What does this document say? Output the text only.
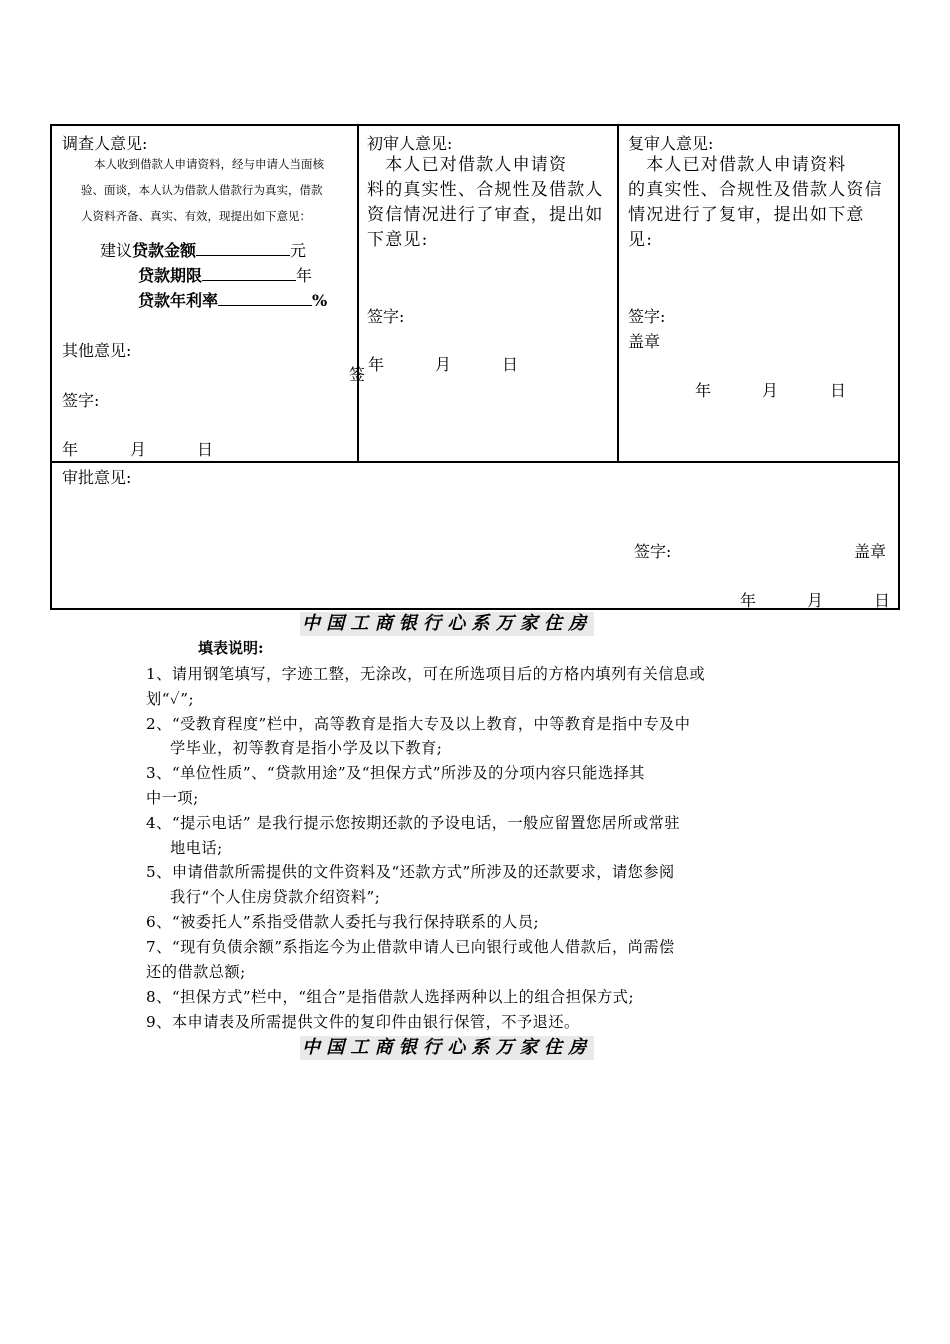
调查人意见:
本人收到借款人申请资料，经与申请人当面核
验、面谈，本人认为借款人借款行为真实，借款
人资料齐备、真实、有效，现提出如下意见：
建议贷款金额	元
贷款期限	年
贷款年利率	%
其他意见:
签字:
年	月	日
初审人意见:
　本人已对借款人申请资
料的真实性、合规性及借款人
资信情况进行了审查，提出如
下意见:
签字:
签
年	月	日
复审人意见:
　本人已对借款人申请资料
的真实性、合规性及借款人资信
情况进行了复审，提出如下意
见:
签字:
盖章
年	月	日
审批意见:
签字:	盖章
年	月	日
中国工商银行心系万家住房
填表说明:
1、请用钢笔填写，字迹工整，无涂改，可在所选项目后的方格内填列有关信息或
划“✓”;
2、“受教育程度”栏中，高等教育是指大专及以上教育，中等教育是指中专及中
学毕业，初等教育是指小学及以下教育;
3、“单位性质”、“贷款用途”及“担保方式”所涉及的分项内容只能选择其
中一项;
4、“提示电话” 是我行提示您按期还款的予设电话，一般应留置您居所或常驻
地电话;
5、申请借款所需提供的文件资料及“还款方式”所涉及的还款要求，请您参阅
我行“个人住房贷款介绍资料”;
6、“被委托人”系指受借款人委托与我行保持联系的人员;
7、“现有负债余额”系指迄今为止借款申请人已向银行或他人借款后，尚需偿
还的借款总额;
8、“担保方式”栏中，“组合”是指借款人选择两种以上的组合担保方式;
9、本申请表及所需提供文件的复印件由银行保管，不予退还。
中国工商银行心系万家住房
